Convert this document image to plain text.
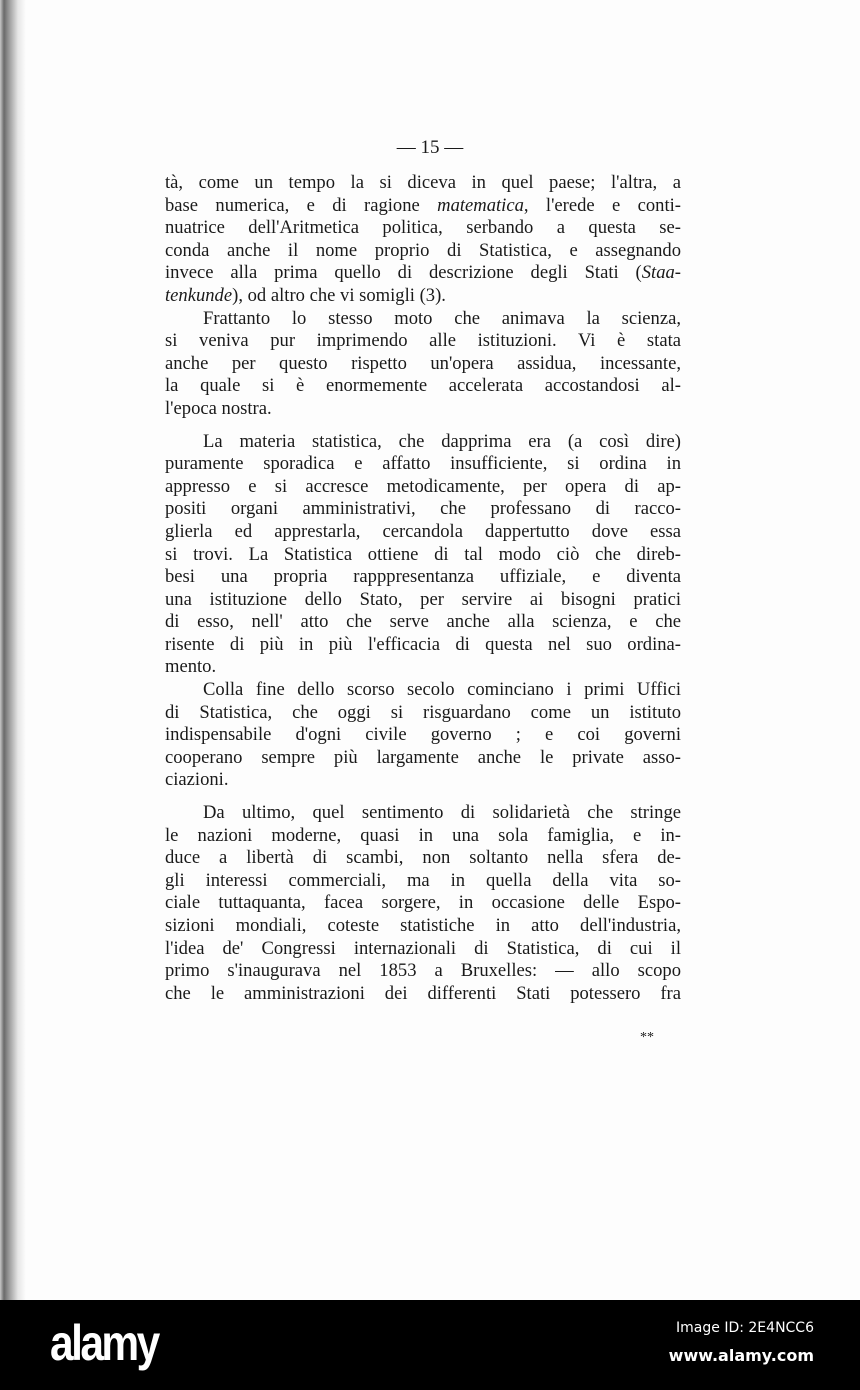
— 15 —
tà, come un tempo la si diceva in quel paese; l'altra, a
base numerica, e di ragione matematica, l'erede e conti-
nuatrice dell'Aritmetica politica, serbando a questa se-
conda anche il nome proprio di Statistica, e assegnando
invece alla prima quello di descrizione degli Stati (Staa-
tenkunde), od altro che vi somigli (3).
Frattanto lo stesso moto che animava la scienza,
si veniva pur imprimendo alle istituzioni. Vi è stata
anche per questo rispetto un'opera assidua, incessante,
la quale si è enormemente accelerata accostandosi al-
l'epoca nostra.
La materia statistica, che dapprima era (a così dire)
puramente sporadica e affatto insufficiente, si ordina in
appresso e si accresce metodicamente, per opera di ap-
positi organi amministrativi, che professano di racco-
glierla ed apprestarla, cercandola dappertutto dove essa
si trovi. La Statistica ottiene di tal modo ciò che direb-
besi una propria rapppresentanza uffiziale, e diventa
una istituzione dello Stato, per servire ai bisogni pratici
di esso, nell' atto che serve anche alla scienza, e che
risente di più in più l'efficacia di questa nel suo ordina-
mento.
Colla fine dello scorso secolo cominciano i primi Uffici
di Statistica, che oggi si risguardano come un istituto
indispensabile d'ogni civile governo ; e coi governi
cooperano sempre più largamente anche le private asso-
ciazioni.
Da ultimo, quel sentimento di solidarietà che stringe
le nazioni moderne, quasi in una sola famiglia, e in-
duce a libertà di scambi, non soltanto nella sfera de-
gli interessi commerciali, ma in quella della vita so-
ciale tuttaquanta, facea sorgere, in occasione delle Espo-
sizioni mondiali, coteste statistiche in atto dell'industria,
l'idea de' Congressi internazionali di Statistica, di cui il
primo s'inaugurava nel 1853 a Bruxelles: — allo scopo
che le amministrazioni dei differenti Stati potessero fra
**
alamy	Image ID: 2E4NCC6
www.alamy.com
